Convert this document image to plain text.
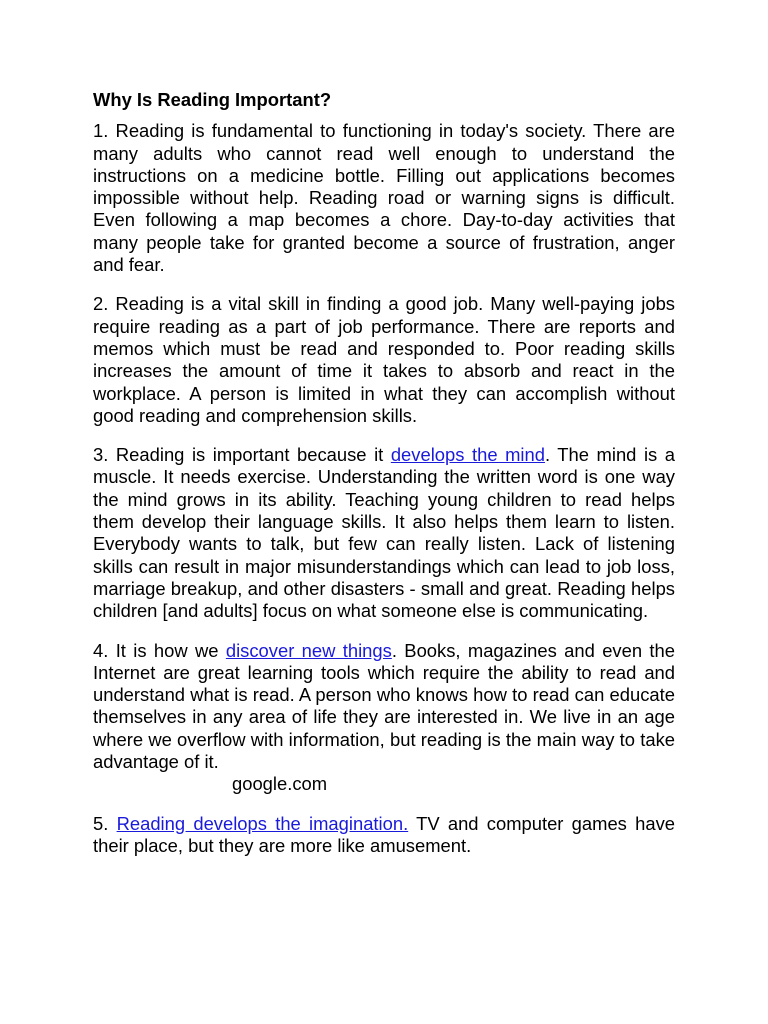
Why Is Reading Important?

1. Reading is fundamental to functioning in today's society. There are many adults who cannot read well enough to understand the instructions on a medicine bottle. Filling out applications becomes impossible without help. Reading road or warning signs is difficult. Even following a map becomes a chore. Day-to-day activities that many people take for granted become a source of frustration, anger and fear.

2. Reading is a vital skill in finding a good job. Many well-paying jobs require reading as a part of job performance. There are reports and memos which must be read and responded to. Poor reading skills increases the amount of time it takes to absorb and react in the workplace. A person is limited in what they can accomplish without good reading and comprehension skills.

3. Reading is important because it develops the mind. The mind is a muscle. It needs exercise. Understanding the written word is one way the mind grows in its ability. Teaching young children to read helps them develop their language skills. It also helps them learn to listen. Everybody wants to talk, but few can really listen. Lack of listening skills can result in major misunderstandings which can lead to job loss, marriage breakup, and other disasters - small and great. Reading helps children [and adults] focus on what someone else is communicating.

4. It is how we discover new things. Books, magazines and even the Internet are great learning tools which require the ability to read and understand what is read. A person who knows how to read can educate themselves in any area of life they are interested in. We live in an age where we overflow with information, but reading is the main way to take advantage of it.
google.com

5. Reading develops the imagination. TV and computer games have their place, but they are more like amusement.
